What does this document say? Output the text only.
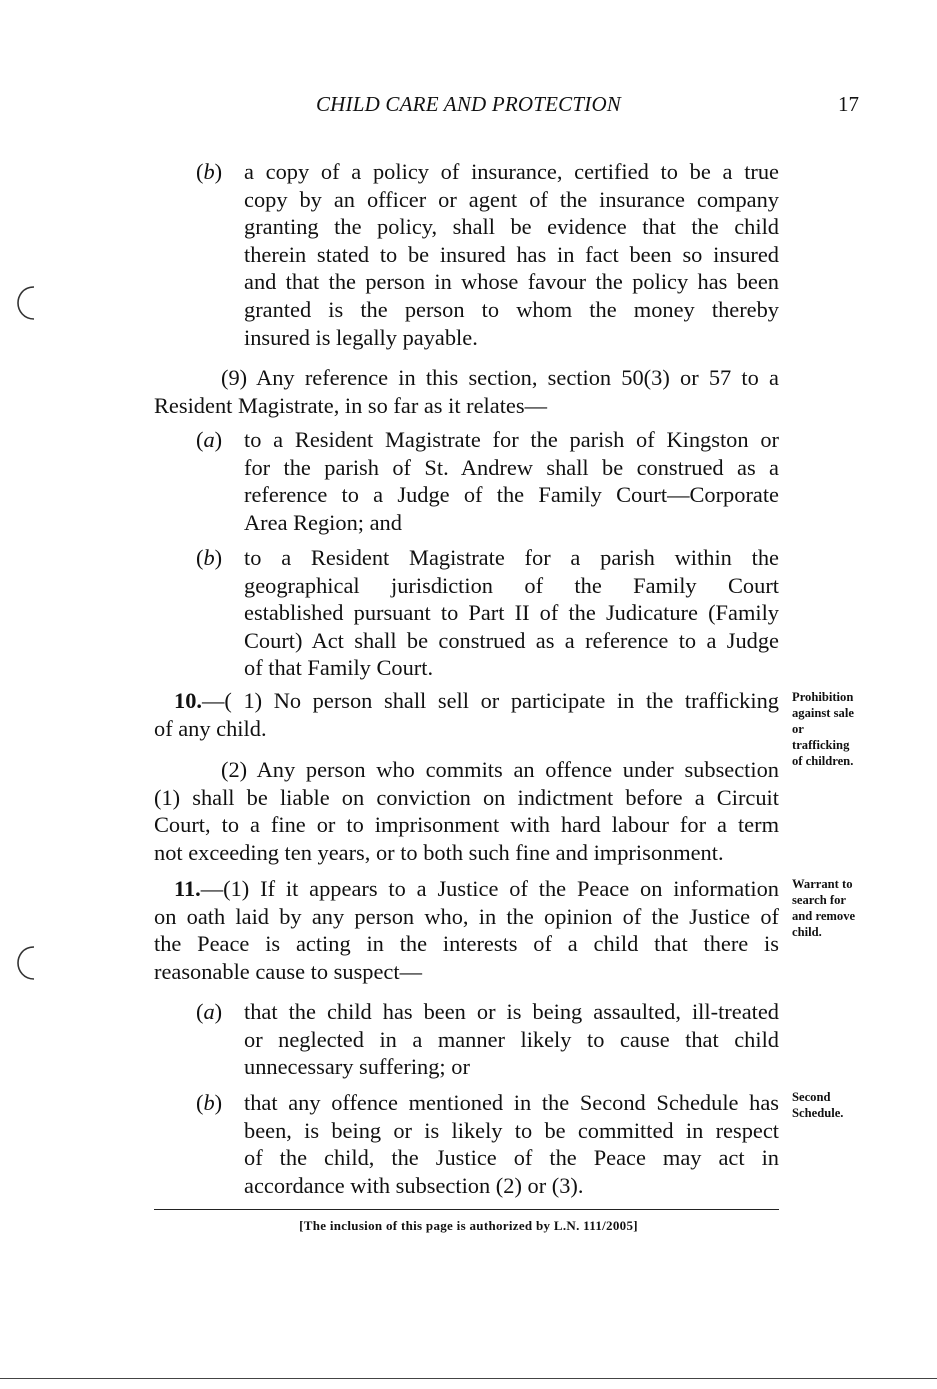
CHILD CARE AND PROTECTION	17
(b) a copy of a policy of insurance, certified to be a true
copy by an officer or agent of the insurance company
granting the policy, shall be evidence that the child
therein stated to be insured has in fact been so insured
and that the person in whose favour the policy has been
granted is the person to whom the money thereby
insured is legally payable.
(9) Any reference in this section, section 50(3) or 57 to a
Resident Magistrate, in so far as it relates—
(a) to a Resident Magistrate for the parish of Kingston or
for the parish of St. Andrew shall be construed as a
reference to a Judge of the Family Court—Corporate
Area Region; and
(b) to a Resident Magistrate for a parish within the
geographical jurisdiction of the Family Court
established pursuant to Part II of the Judicature (Family
Court) Act shall be construed as a reference to a Judge
of that Family Court.
10.—( 1) No person shall sell or participate in the trafficking
of any child.
(2) Any person who commits an offence under subsection
(1) shall be liable on conviction on indictment before a Circuit
Court, to a fine or to imprisonment with hard labour for a term
not exceeding ten years, or to both such fine and imprisonment.
11.—(1) If it appears to a Justice of the Peace on information
on oath laid by any person who, in the opinion of the Justice of
the Peace is acting in the interests of a child that there is
reasonable cause to suspect—
(a) that the child has been or is being assaulted, ill-treated
or neglected in a manner likely to cause that child
unnecessary suffering; or
(b) that any offence mentioned in the Second Schedule has
been, is being or is likely to be committed in respect
of the child, the Justice of the Peace may act in
accordance with subsection (2) or (3).
Prohibition
against sale
or
trafficking
of children.
Warrant to
search for
and remove
child.
Second
Schedule.
[The inclusion of this page is authorized by L.N. 111/2005]
